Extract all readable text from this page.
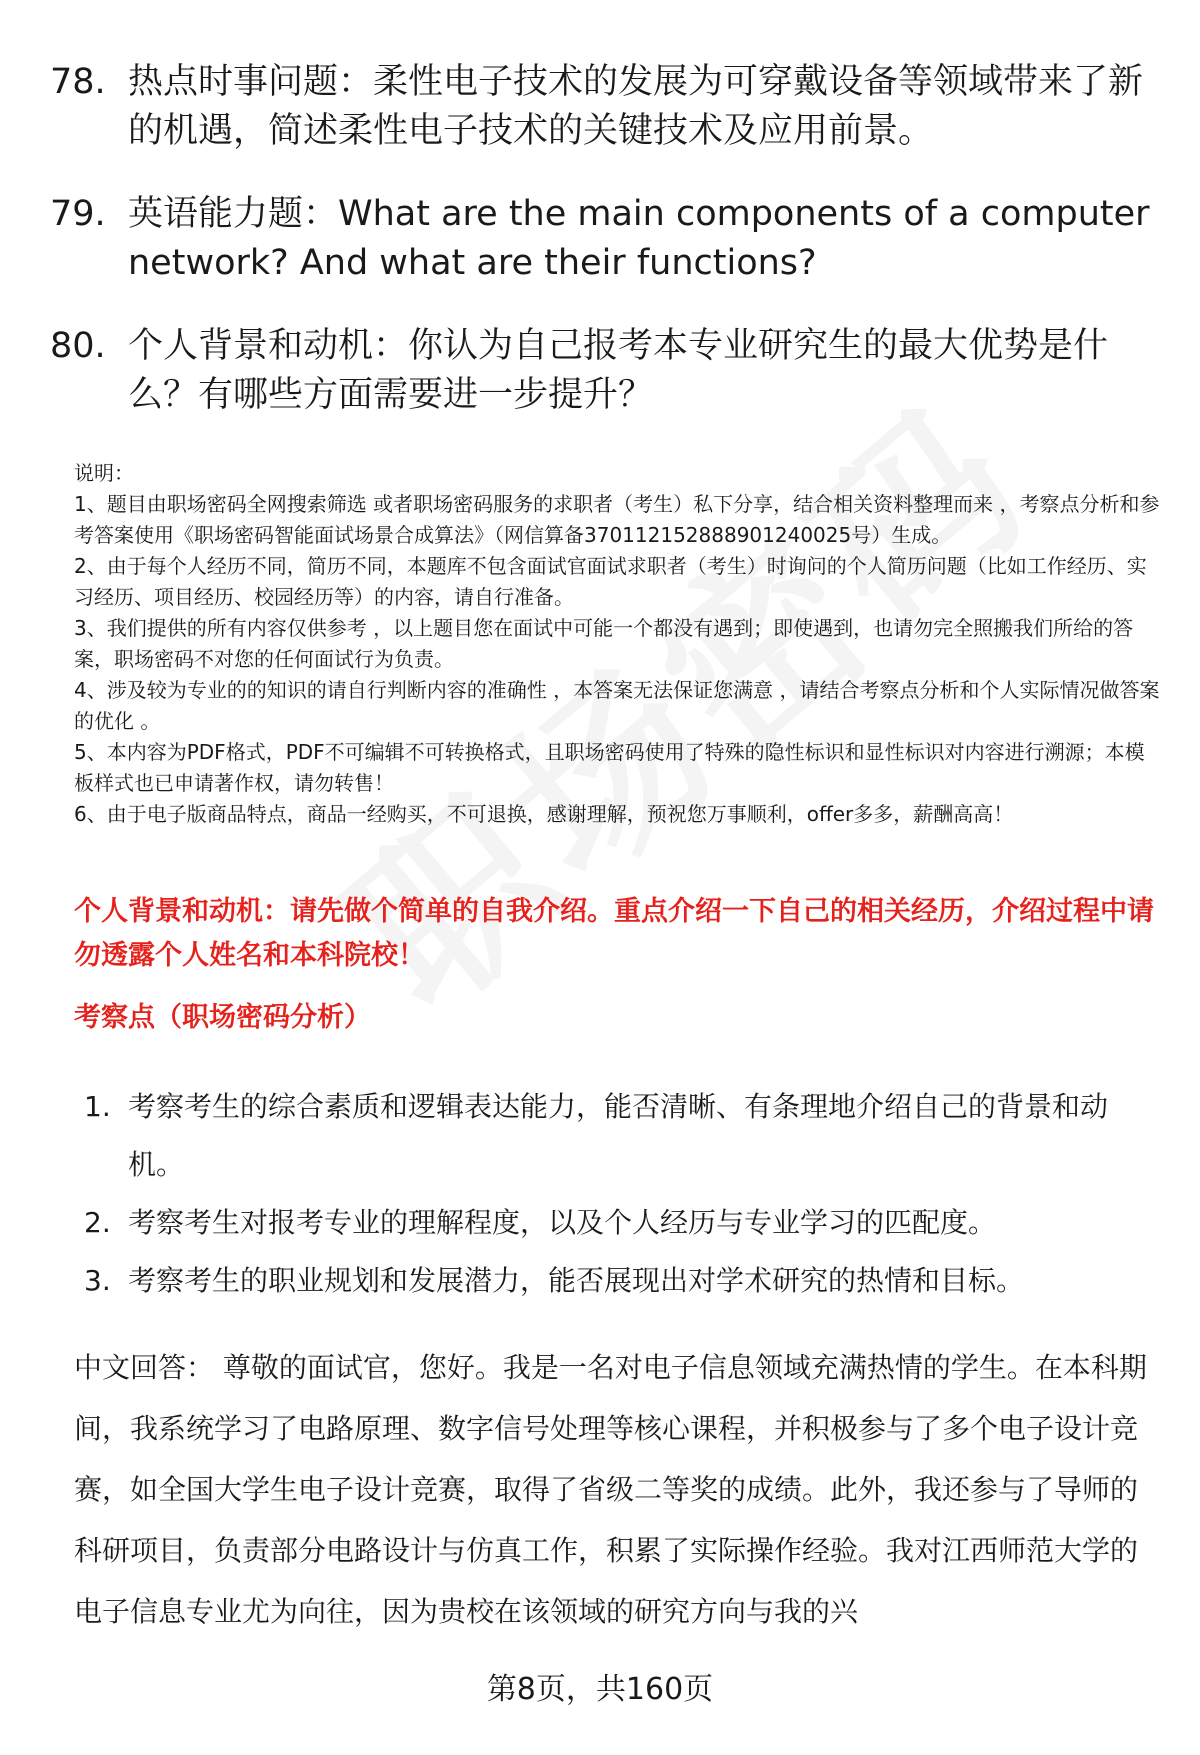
78. 热点时事问题：柔性电子技术的发展为可穿戴设备等领域带来了新的机遇，简述柔性电子技术的关键技术及应用前景。
79. 英语能力题：What are the main components of a computer network? And what are their functions?
80. 个人背景和动机：你认为自己报考本专业研究生的最大优势是什么？有哪些方面需要进一步提升？

说明：

1、题目由职场密码全网搜索筛选 或者职场密码服务的求职者（考生）私下分享，结合相关资料整理而来 ，考察点分析和参考答案使用《职场密码智能面试场景合成算法》（网信算备370112152888901240025号）生成。

2、由于每个人经历不同，简历不同，本题库不包含面试官面试求职者（考生）时询问的个人简历问题（比如工作经历、实习经历、项目经历、校园经历等）的内容，请自行准备。

3、我们提供的所有内容仅供参考 ，以上题目您在面试中可能一个都没有遇到；即使遇到，也请勿完全照搬我们所给的答案，职场密码不对您的任何面试行为负责。

4、涉及较为专业的的知识的请自行判断内容的准确性 ，本答案无法保证您满意 ，请结合考察点分析和个人实际情况做答案的优化 。

5、本内容为PDF格式，PDF不可编辑不可转换格式，且职场密码使用了特殊的隐性标识和显性标识对内容进行溯源；本模板样式也已申请著作权，请勿转售！

6、由于电子版商品特点，商品一经购买，不可退换，感谢理解，预祝您万事顺利，offer多多，薪酬高高！

个人背景和动机：请先做个简单的自我介绍。重点介绍一下自己的相关经历，介绍过程中请勿透露个人姓名和本科院校！
考察点（职场密码分析）
1. 考察考生的综合素质和逻辑表达能力，能否清晰、有条理地介绍自己的背景和动机。
2. 考察考生对报考专业的理解程度，以及个人经历与专业学习的匹配度。
3. 考察考生的职业规划和发展潜力，能否展现出对学术研究的热情和目标。
中文回答： 尊敬的面试官，您好。我是一名对电子信息领域充满热情的学生。在本科期间，我系统学习了电路原理、数字信号处理等核心课程，并积极参与了多个电子设计竞赛，如全国大学生电子设计竞赛，取得了省级二等奖的成绩。此外，我还参与了导师的科研项目，负责部分电路设计与仿真工作，积累了实际操作经验。我对江西师范大学的电子信息专业尤为向往，因为贵校在该领域的研究方向与我的兴
第8页，共160页
